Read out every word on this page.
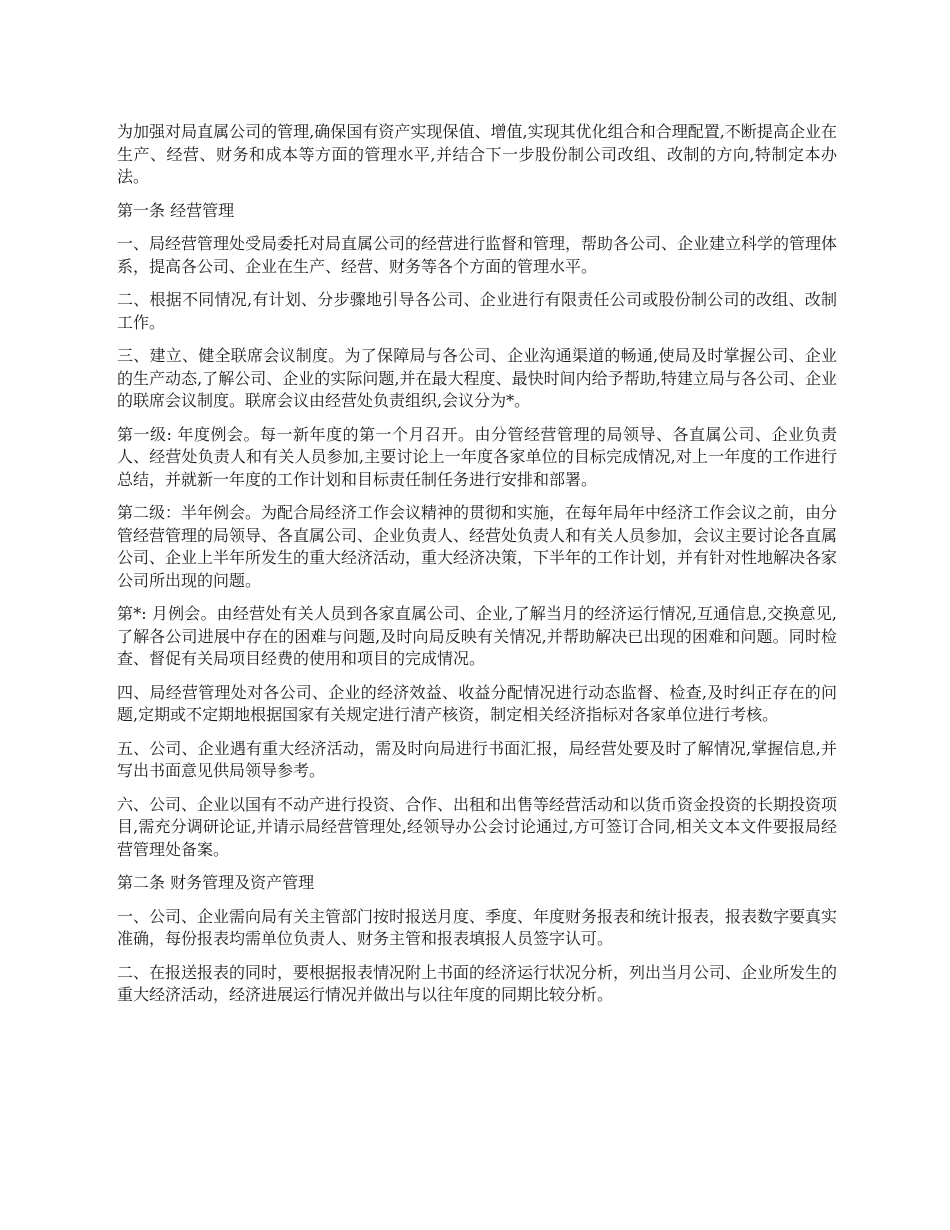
为加强对局直属公司的管理,确保国有资产实现保值、增值,实现其优化组合和合理配置,不断提高企业在生产、经营、财务和成本等方面的管理水平,并结合下一步股份制公司改组、改制的方向,特制定本办法。

第一条 经营管理

一、局经营管理处受局委托对局直属公司的经营进行监督和管理，帮助各公司、企业建立科学的管理体系，提高各公司、企业在生产、经营、财务等各个方面的管理水平。

二、根据不同情况,有计划、分步骤地引导各公司、企业进行有限责任公司或股份制公司的改组、改制工作。

三、建立、健全联席会议制度。为了保障局与各公司、企业沟通渠道的畅通,使局及时掌握公司、企业的生产动态,了解公司、企业的实际问题,并在最大程度、最快时间内给予帮助,特建立局与各公司、企业的联席会议制度。联席会议由经营处负责组织,会议分为*。

第一级: 年度例会。每一新年度的第一个月召开。由分管经营管理的局领导、各直属公司、企业负责人、经营处负责人和有关人员参加,主要讨论上一年度各家单位的目标完成情况,对上一年度的工作进行总结，并就新一年度的工作计划和目标责任制任务进行安排和部署。

第二级：半年例会。为配合局经济工作会议精神的贯彻和实施，在每年局年中经济工作会议之前，由分管经营管理的局领导、各直属公司、企业负责人、经营处负责人和有关人员参加，会议主要讨论各直属公司、企业上半年所发生的重大经济活动，重大经济决策，下半年的工作计划，并有针对性地解决各家公司所出现的问题。

第*: 月例会。由经营处有关人员到各家直属公司、企业,了解当月的经济运行情况,互通信息,交换意见,了解各公司进展中存在的困难与问题,及时向局反映有关情况,并帮助解决已出现的困难和问题。同时检查、督促有关局项目经费的使用和项目的完成情况。

四、局经营管理处对各公司、企业的经济效益、收益分配情况进行动态监督、检查,及时纠正存在的问题,定期或不定期地根据国家有关规定进行清产核资，制定相关经济指标对各家单位进行考核。

五、公司、企业遇有重大经济活动，需及时向局进行书面汇报，局经营处要及时了解情况,掌握信息,并写出书面意见供局领导参考。

六、公司、企业以国有不动产进行投资、合作、出租和出售等经营活动和以货币资金投资的长期投资项目,需充分调研论证,并请示局经营管理处,经领导办公会讨论通过,方可签订合同,相关文本文件要报局经营管理处备案。

第二条 财务管理及资产管理

一、公司、企业需向局有关主管部门按时报送月度、季度、年度财务报表和统计报表，报表数字要真实准确，每份报表均需单位负责人、财务主管和报表填报人员签字认可。

二、在报送报表的同时，要根据报表情况附上书面的经济运行状况分析，列出当月公司、企业所发生的重大经济活动，经济进展运行情况并做出与以往年度的同期比较分析。
